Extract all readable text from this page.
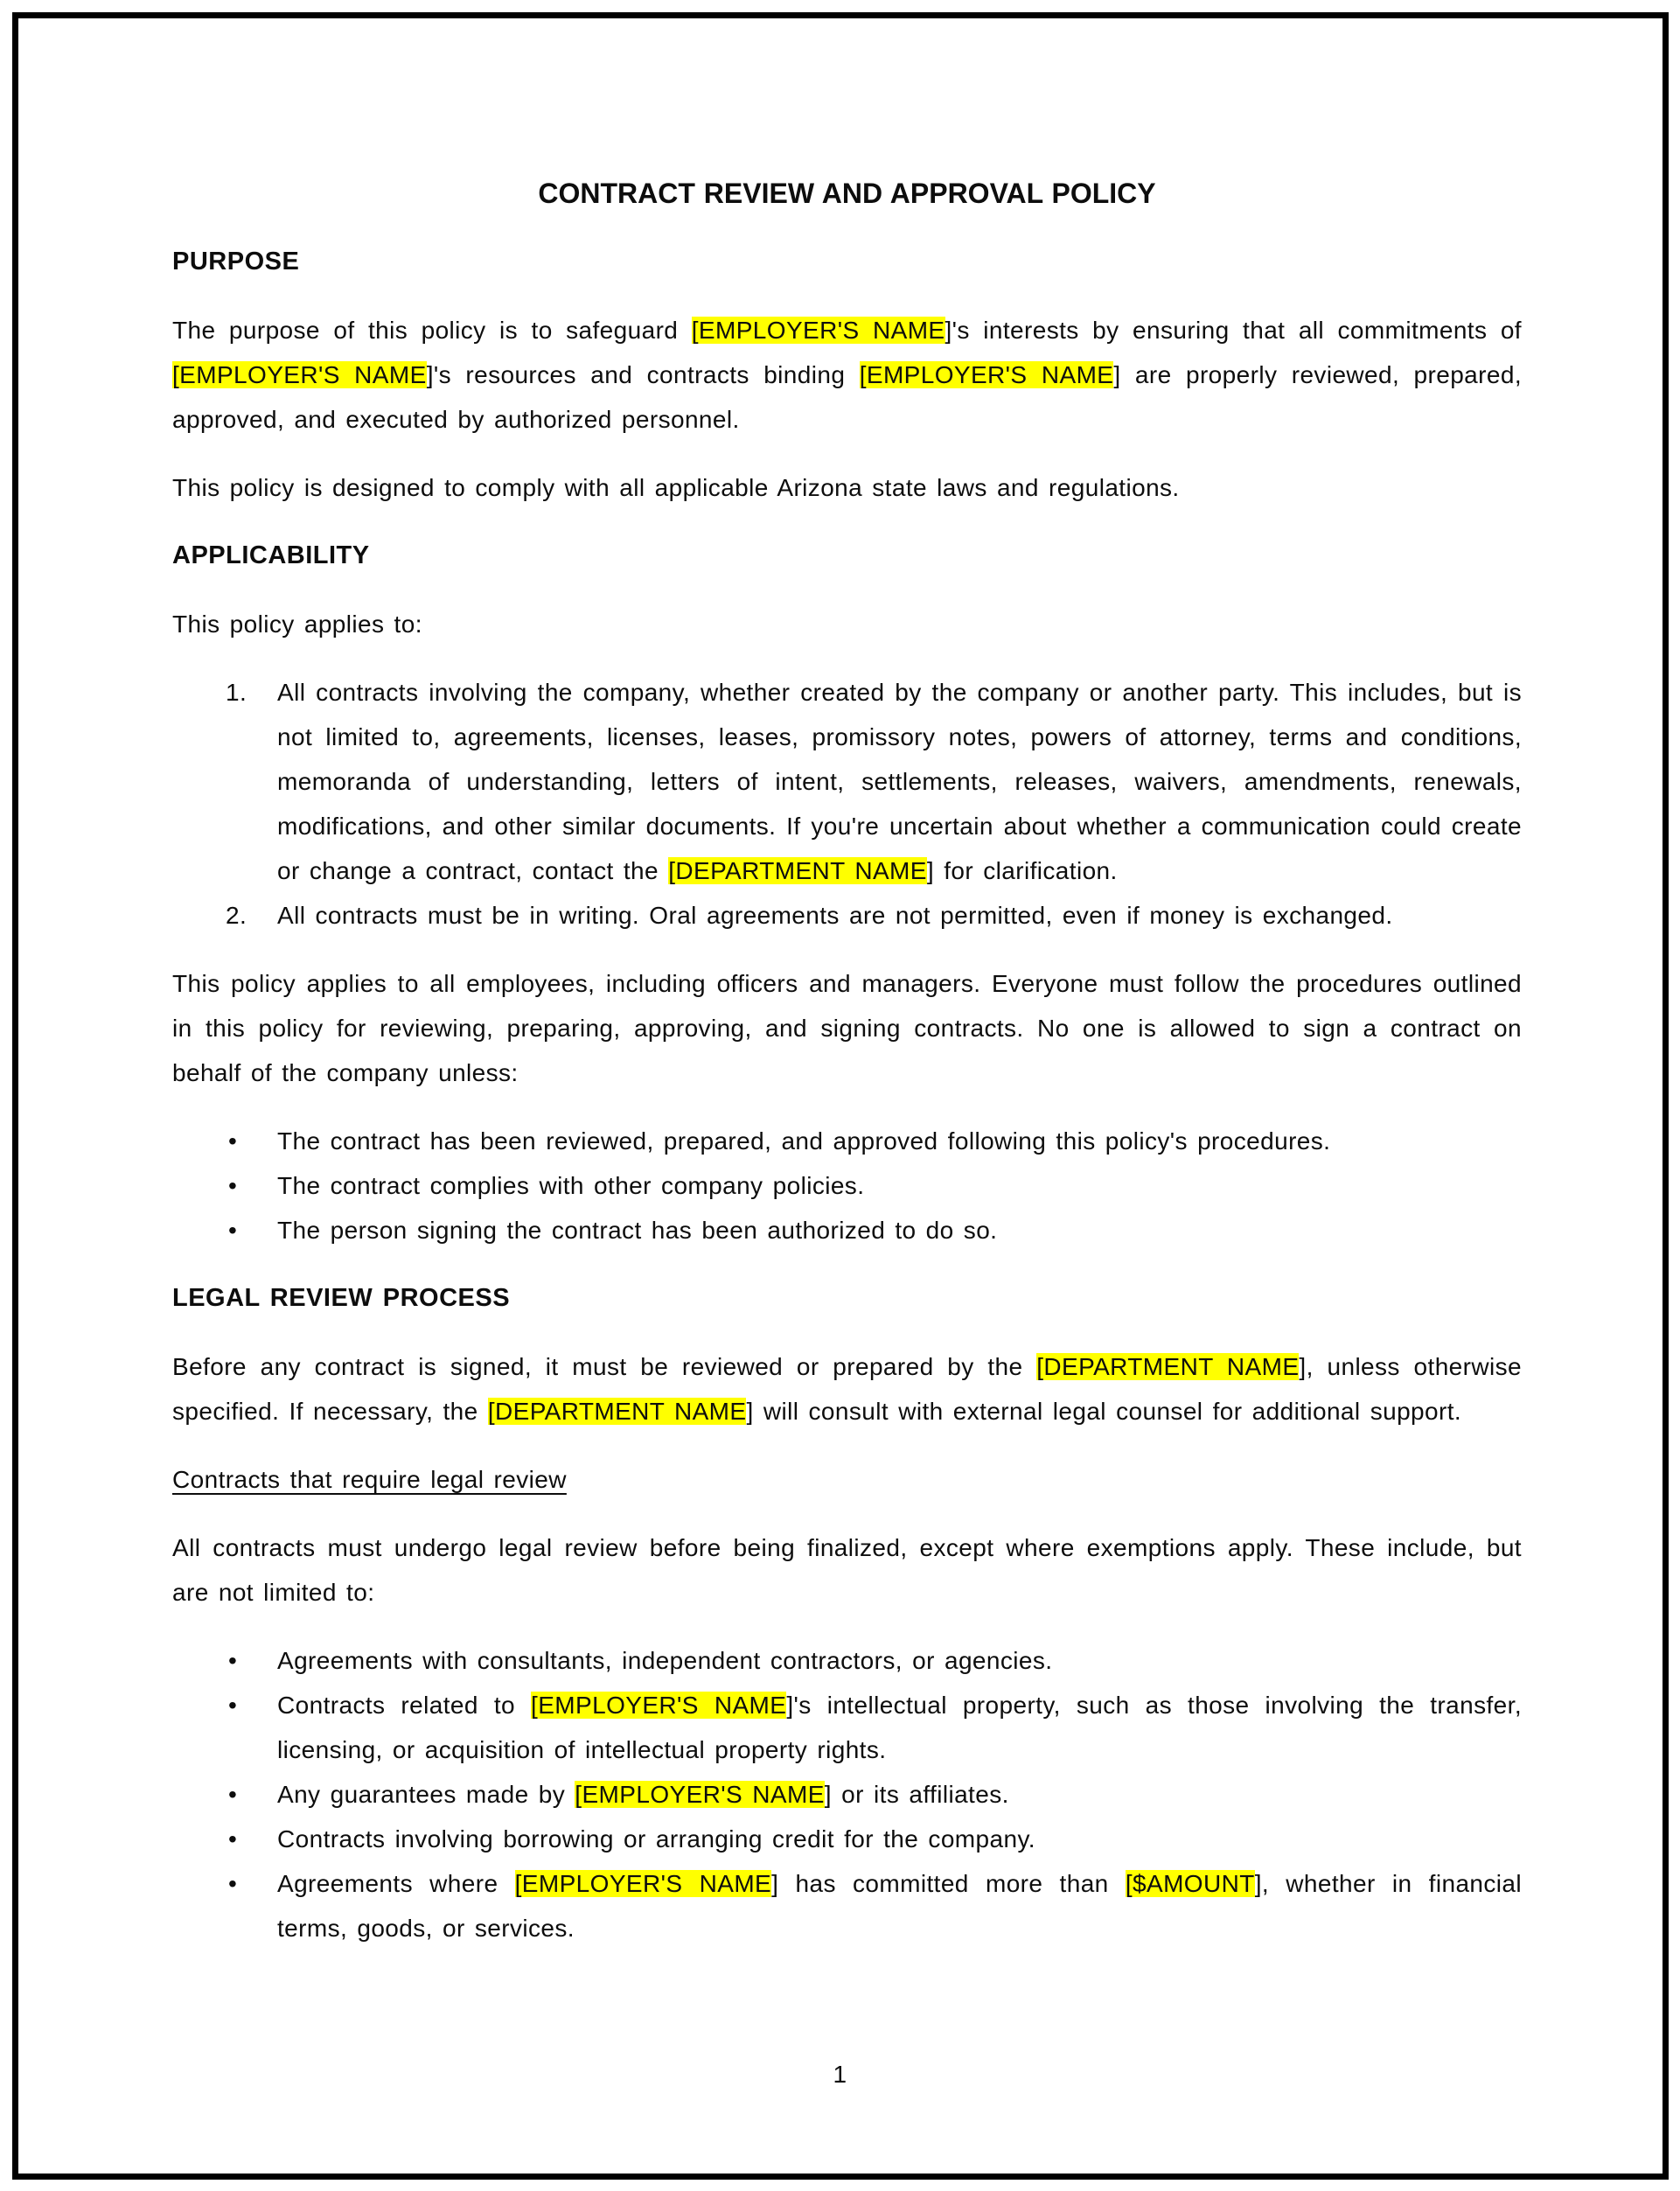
CONTRACT REVIEW AND APPROVAL POLICY
PURPOSE

The purpose of this policy is to safeguard [EMPLOYER'S NAME]'s interests by ensuring that all commitments of [EMPLOYER'S NAME]'s resources and contracts binding [EMPLOYER'S NAME] are properly reviewed, prepared, approved, and executed by authorized personnel.

This policy is designed to comply with all applicable Arizona state laws and regulations.

APPLICABILITY

This policy applies to:

1. All contracts involving the company, whether created by the company or another party. This includes, but is not limited to, agreements, licenses, leases, promissory notes, powers of attorney, terms and conditions, memoranda of understanding, letters of intent, settlements, releases, waivers, amendments, renewals, modifications, and other similar documents. If you're uncertain about whether a communication could create or change a contract, contact the [DEPARTMENT NAME] for clarification.
2. All contracts must be in writing. Oral agreements are not permitted, even if money is exchanged.

This policy applies to all employees, including officers and managers. Everyone must follow the procedures outlined in this policy for reviewing, preparing, approving, and signing contracts. No one is allowed to sign a contract on behalf of the company unless:

• The contract has been reviewed, prepared, and approved following this policy's procedures.
• The contract complies with other company policies.
• The person signing the contract has been authorized to do so.
LEGAL REVIEW PROCESS

Before any contract is signed, it must be reviewed or prepared by the [DEPARTMENT NAME], unless otherwise specified. If necessary, the [DEPARTMENT NAME] will consult with external legal counsel for additional support.

Contracts that require legal review

All contracts must undergo legal review before being finalized, except where exemptions apply. These include, but are not limited to:

• Agreements with consultants, independent contractors, or agencies.
• Contracts related to [EMPLOYER'S NAME]'s intellectual property, such as those involving the transfer, licensing, or acquisition of intellectual property rights.
• Any guarantees made by [EMPLOYER'S NAME] or its affiliates.
• Contracts involving borrowing or arranging credit for the company.
• Agreements where [EMPLOYER'S NAME] has committed more than [$AMOUNT], whether in financial terms, goods, or services.
1
